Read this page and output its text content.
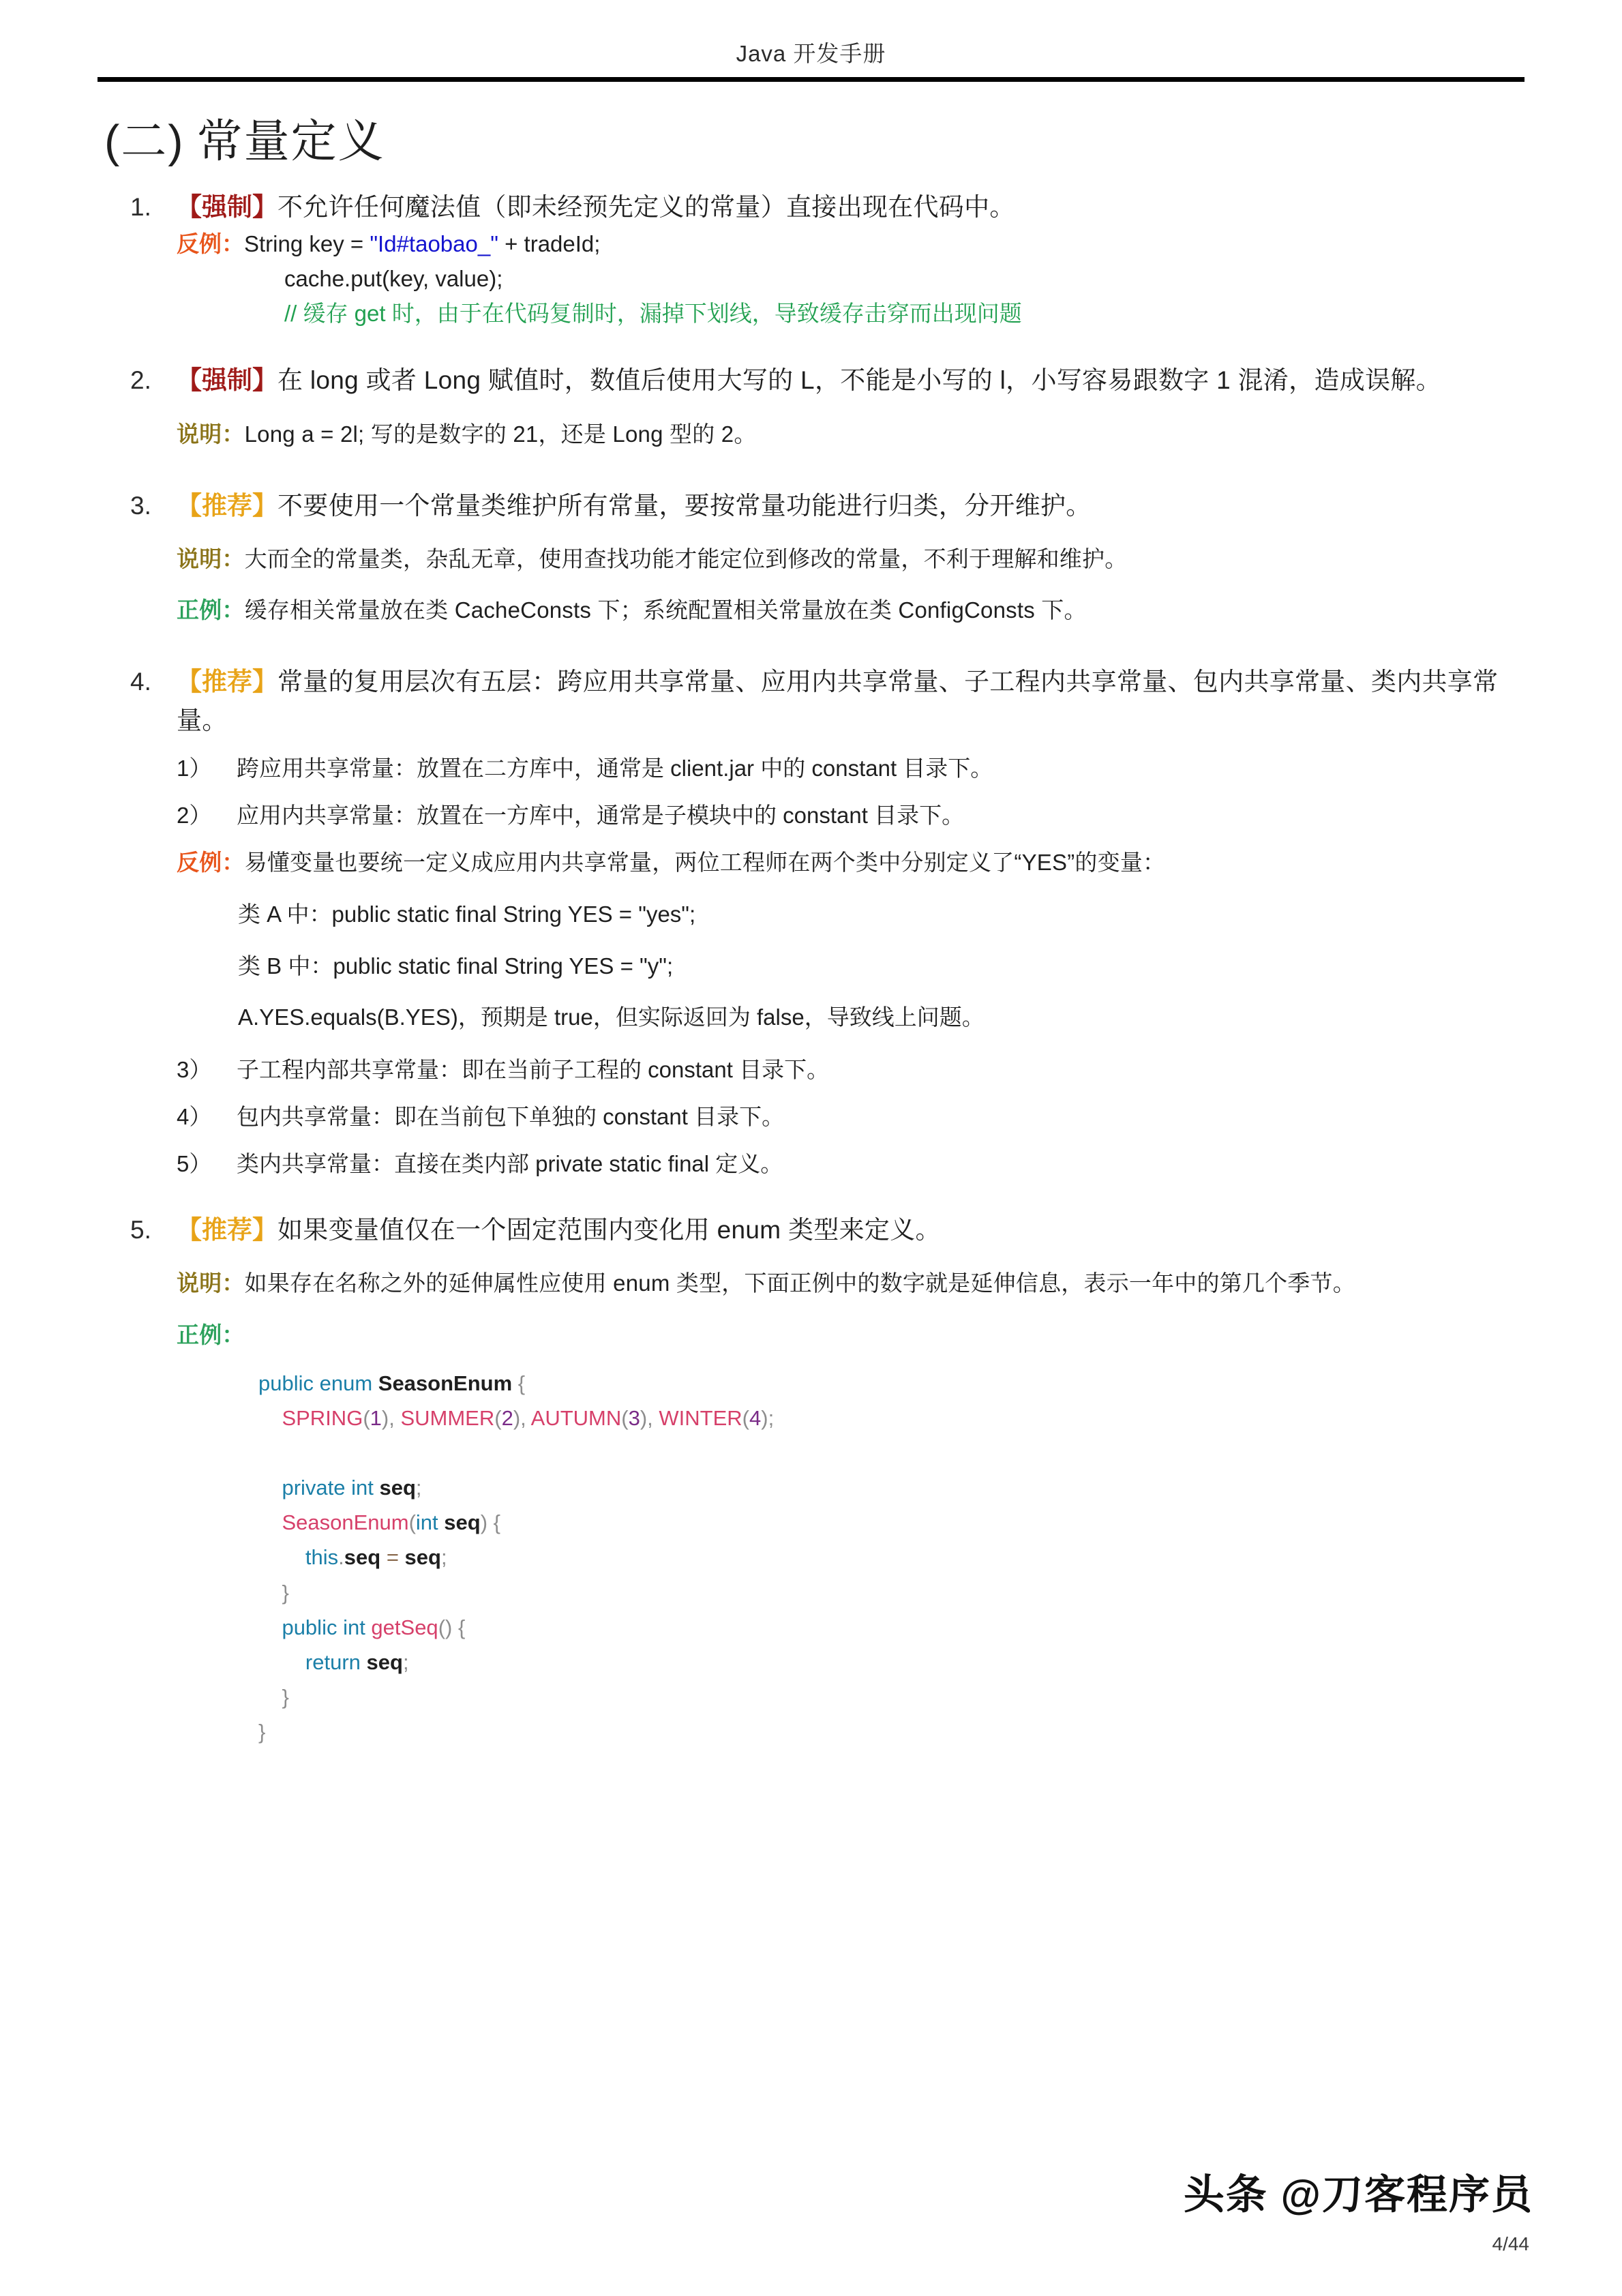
Java 开发手册
(二) 常量定义
1. 【强制】不允许任何魔法值（即未经预先定义的常量）直接出现在代码中。
反例：String key = "Id#taobao_" + tradeId;
cache.put(key, value);
// 缓存 get 时，由于在代码复制时，漏掉下划线，导致缓存击穿而出现问题
2. 【强制】在 long 或者 Long 赋值时，数值后使用大写的 L，不能是小写的 l，小写容易跟数字 1 混淆，造成误解。
说明：Long a = 2l; 写的是数字的 21，还是 Long 型的 2。
3. 【推荐】不要使用一个常量类维护所有常量，要按常量功能进行归类，分开维护。
说明：大而全的常量类，杂乱无章，使用查找功能才能定位到修改的常量，不利于理解和维护。
正例：缓存相关常量放在类 CacheConsts 下；系统配置相关常量放在类 ConfigConsts 下。
4. 【推荐】常量的复用层次有五层：跨应用共享常量、应用内共享常量、子工程内共享常量、包内共享常量、类内共享常量。
1） 跨应用共享常量：放置在二方库中，通常是 client.jar 中的 constant 目录下。
2） 应用内共享常量：放置在一方库中，通常是子模块中的 constant 目录下。
反例：易懂变量也要统一定义成应用内共享常量，两位工程师在两个类中分别定义了“YES”的变量：
类 A 中：public static final String YES = "yes";
类 B 中：public static final String YES = "y";
A.YES.equals(B.YES)，预期是 true，但实际返回为 false，导致线上问题。
3） 子工程内部共享常量：即在当前子工程的 constant 目录下。
4） 包内共享常量：即在当前包下单独的 constant 目录下。
5） 类内共享常量：直接在类内部 private static final 定义。
5. 【推荐】如果变量值仅在一个固定范围内变化用 enum 类型来定义。
说明：如果存在名称之外的延伸属性应使用 enum 类型，下面正例中的数字就是延伸信息，表示一年中的第几个季节。
正例：
public enum SeasonEnum {
SPRING(1), SUMMER(2), AUTUMN(3), WINTER(4);

private int seq;
SeasonEnum(int seq) {
this.seq = seq;
}
public int getSeq() {
return seq;
}
}
头条 @刀客程序员
4/44
